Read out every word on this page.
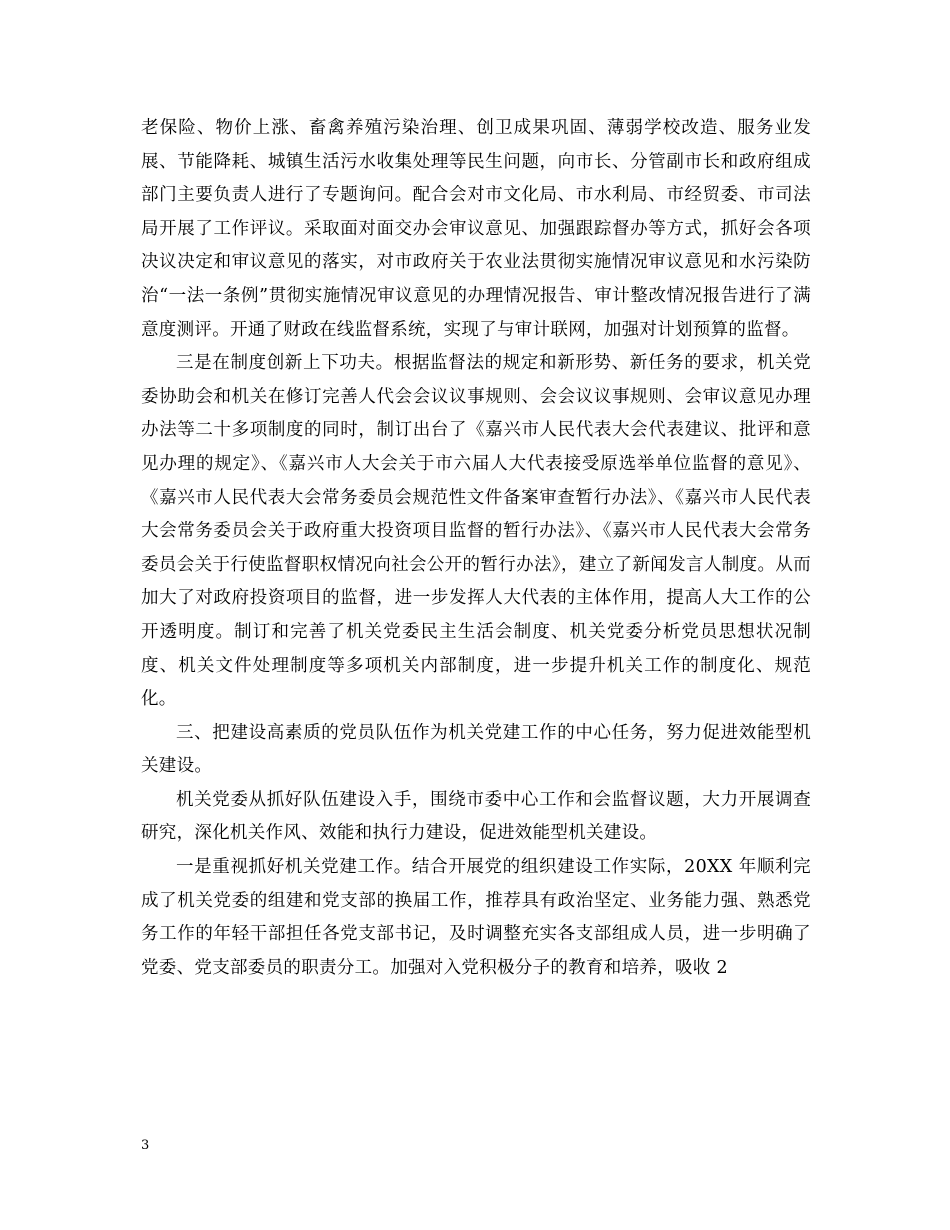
老保险、物价上涨、畜禽养殖污染治理、创卫成果巩固、薄弱学校改造、服务业发展、节能降耗、城镇生活污水收集处理等民生问题，向市长、分管副市长和政府组成部门主要负责人进行了专题询问。配合会对市文化局、市水利局、市经贸委、市司法局开展了工作评议。采取面对面交办会审议意见、加强跟踪督办等方式，抓好会各项决议决定和审议意见的落实，对市政府关于农业法贯彻实施情况审议意见和水污染防治“一法一条例”贯彻实施情况审议意见的办理情况报告、审计整改情况报告进行了满意度测评。开通了财政在线监督系统，实现了与审计联网，加强对计划预算的监督。

三是在制度创新上下功夫。根据监督法的规定和新形势、新任务的要求，机关党委协助会和机关在修订完善人代会会议议事规则、会会议议事规则、会审议意见办理办法等二十多项制度的同时，制订出台了《嘉兴市人民代表大会代表建议、批评和意见办理的规定》、《嘉兴市人大会关于市六届人大代表接受原选举单位监督的意见》、《嘉兴市人民代表大会常务委员会规范性文件备案审查暂行办法》、《嘉兴市人民代表大会常务委员会关于政府重大投资项目监督的暂行办法》、《嘉兴市人民代表大会常务委员会关于行使监督职权情况向社会公开的暂行办法》，建立了新闻发言人制度。从而加大了对政府投资项目的监督，进一步发挥人大代表的主体作用，提高人大工作的公开透明度。制订和完善了机关党委民主生活会制度、机关党委分析党员思想状况制度、机关文件处理制度等多项机关内部制度，进一步提升机关工作的制度化、规范化。

三、把建设高素质的党员队伍作为机关党建工作的中心任务，努力促进效能型机关建设。

机关党委从抓好队伍建设入手，围绕市委中心工作和会监督议题，大力开展调查研究，深化机关作风、效能和执行力建设，促进效能型机关建设。

一是重视抓好机关党建工作。结合开展党的组织建设工作实际，20XX 年顺利完成了机关党委的组建和党支部的换届工作，推荐具有政治坚定、业务能力强、熟悉党务工作的年轻干部担任各党支部书记，及时调整充实各支部组成人员，进一步明确了党委、党支部委员的职责分工。加强对入党积极分子的教育和培养，吸收 2

3
